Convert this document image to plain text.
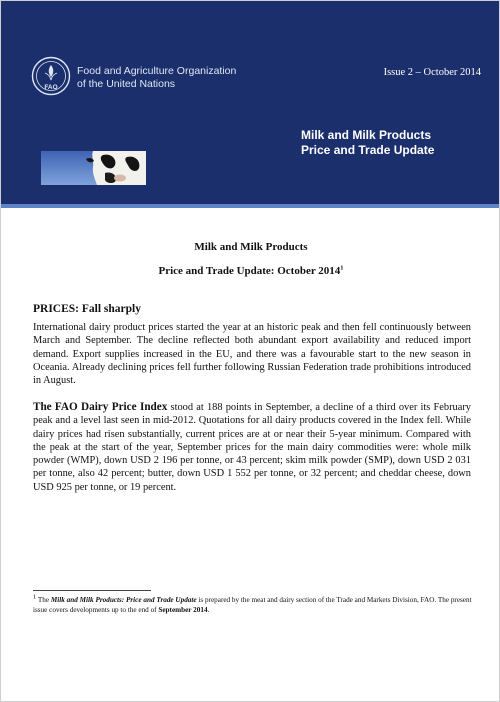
FAO
Food and Agriculture Organization
of the United Nations
Issue 2 – October 2014
Milk and Milk Products
Price and Trade Update
Milk and Milk Products
Price and Trade Update: October 2014$^1$
PRICES: Fall sharply

International dairy product prices started the year at an historic peak and then fell continuously between March and September. The decline reflected both abundant export availability and reduced import demand. Export supplies increased in the EU, and there was a favourable start to the new season in Oceania. Already declining prices fell further following Russian Federation trade prohibitions introduced in August.

The FAO Dairy Price Index stood at 188 points in September, a decline of a third over its February peak and a level last seen in mid-2012. Quotations for all dairy products covered in the Index fell. While dairy prices had risen substantially, current prices are at or near their 5-year minimum. Compared with the peak at the start of the year, September prices for the main dairy commodities were: whole milk powder (WMP), down USD 2 196 per tonne, or 43 percent; skim milk powder (SMP), down USD 2 031 per tonne, also 42 percent; butter, down USD 1 552 per tonne, or 32 percent; and cheddar cheese, down USD 925 per tonne, or 19 percent.

$^1$ The Milk and Milk Products: Price and Trade Update is prepared by the meat and dairy section of the Trade and Markets Division, FAO. The present issue covers developments up to the end of September 2014.
